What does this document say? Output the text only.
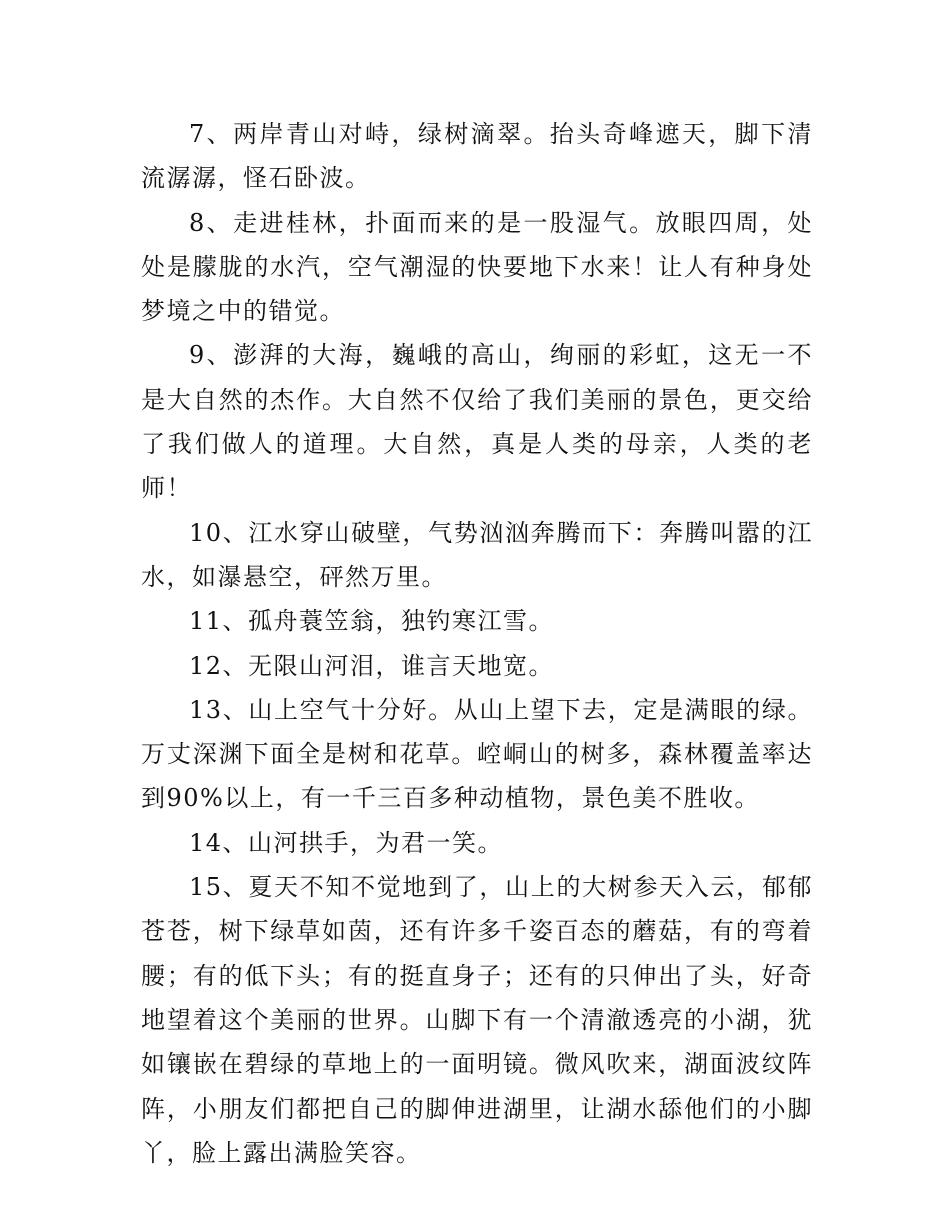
7、两岸青山对峙，绿树滴翠。抬头奇峰遮天，脚下清流潺潺，怪石卧波。

8、走进桂林，扑面而来的是一股湿气。放眼四周，处处是朦胧的水汽，空气潮湿的快要地下水来！让人有种身处梦境之中的错觉。

9、澎湃的大海，巍峨的高山，绚丽的彩虹，这无一不是大自然的杰作。大自然不仅给了我们美丽的景色，更交给了我们做人的道理。大自然，真是人类的母亲，人类的老师！

10、江水穿山破壁，气势汹汹奔腾而下：奔腾叫嚣的江水，如瀑悬空，砰然万里。

11、孤舟蓑笠翁，独钓寒江雪。

12、无限山河泪，谁言天地宽。

13、山上空气十分好。从山上望下去，定是满眼的绿。万丈深渊下面全是树和花草。崆峒山的树多，森林覆盖率达到90%以上，有一千三百多种动植物，景色美不胜收。

14、山河拱手，为君一笑。

15、夏天不知不觉地到了，山上的大树参天入云，郁郁苍苍，树下绿草如茵，还有许多千姿百态的蘑菇，有的弯着腰；有的低下头；有的挺直身子；还有的只伸出了头，好奇地望着这个美丽的世界。山脚下有一个清澈透亮的小湖，犹如镶嵌在碧绿的草地上的一面明镜。微风吹来，湖面波纹阵阵，小朋友们都把自己的脚伸进湖里，让湖水舔他们的小脚丫，脸上露出满脸笑容。
